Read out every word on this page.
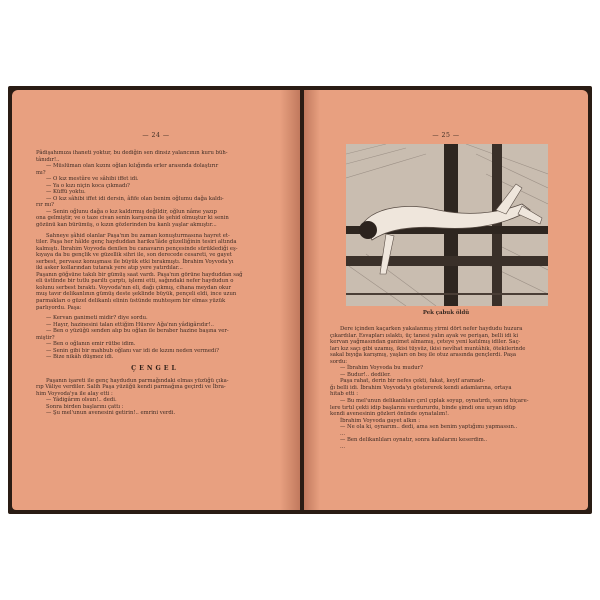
— 24 —

Pâdişahımıza ihaneti yoktur, bu dediğin sen dinsiz yalancının kuru büh-

tânıdır!..

— Müslüman olan kızını oğlan kılığında erler arasında dolaştırır

mı?

— O kız mestûre ve sâhibi iffet idi.

— Ya o kızı niçin koca çıkmadı?

— Küffü yoktu.

— O kız sâhibi iffet idi dersin, âfife olan benim oğlumu dağa kaldı-

rır mı?

— Senin oğlunu dağa o kız kaldırmış değildir, oğlun nâme yazıp

ona gelmiştir, ve o taze civan senin karşısına ile şehid olmuştur ki senin

gözünü kan bürümüş, o kızın gözlerinden bu kanlı yaşlar akmıştır...

Sahneye şâhid olanlar Paşa'nın bu zaman konuşturmasına hayret et-

tiler. Paşa her hâlde genç hayduddan hariku'lâde güzelliğinin tesiri altında

kalmıştı. İbrahim Voyvoda denilen bu canavarın pençesinde sürüklediği eş-

kıyaya da bu gençlik ve güzellik sihri ile, son derecede cesareti, ve gayet

serbest, pervasız konuşması ile büyük etki bırakmıştı. İbrahim Voyvoda'yı

iki asker kollarından tutarak yere atıp yere yatırdılar...

Paşanın göğsüne takılı bir gümüş saat vardı. Paşa'nın görüne hayduddan sağ

eli üstünde bir tutlu parıltı çarptı, işlemi etti, sağındaki nefer haydudun o

kolunu serbest bıraktı. Voyvoda'nın eli, dağı çıkmış, cihana meydan okur

muş tavır delikanlının gümüş deste şeklinde büyük, pençeli eldi, ince uzun

parmakları o güzel delikanlı elinin üstünde muhteşem bir elmas yüzük

parlıyordu. Paşa:

— Kervan ganimeti midir? diye sordu.

— Hayır, hazinesini talan ettiğim Hüsrev Ağa'nın yâdigârıdır!..

— Ben o yüzüğü senden alıp bu oğlan ile beraber hazine başına ver-

miştir?

— Ben o oğlanın emir rütbe idim.

— Senin gibi bir mahbub oğlanı var idi de kızını neden vermedi?

— Bize nikâh düşmez idi.

ÇENGEL

Paşanın işareti ile genç haydudun parmağındaki elmas yüzüğü çıka-

rıp Vâliye verdiler. Salih Paşa yüzüğü kendi parmağına geçirdi ve İbra-

him Voyvoda'ya ile alay etti :

— Yâdigârım olsun!.. dedi.

Sonra birden başlarını çattı :

— Şu mel'unun avenesini getirin!.. emrini verdi.

— 25 —
Pek çabuk öldü

Dere içinden kaçarken yakalanmış yirmi dört nefer haydudu huzura

çıkardılar. Esvapları ıslaktı, üç tanesi yalın ayak ve perişan, belli idi ki

kervan yağmasından ganimet almamış, çeteye yeni katılmış idiler. Saç-

ları kız saçı gibi uzamış, ikisi tüysüz, ikisi nevîhat muntâhik, ötekilerinde

sakal bıyığa karışmış, yaşları on beş ile otuz arasında gençlerdi. Paşa

sordu:

— İbrahim Voyvoda bu mudur?

— Budur!.. dediler.

Paşa rahat, derin bir nefes çekti, fakat, keyif aramadı-

ğı belli idi. İbrahim Voyvoda'yı göstererek kendi adamlarına, ortaya

hitab etti :

— Bu mel'unun delikanlıları çırıl çıplak soyup, oynatırdı, sonra biçare-

lere tırtıl çekti idip başlarını vurdururdu, binde şimdi onu uryan idüp

kendi avenesinin gözleri önünde oynatalım!.

İbrahim Voyvoda gayet alkın :

— Ne ola ki, oynarım.. dedi, ama sen benim yaptığımı yapmassın..

...

— Ben delikanlıları oynatır, sonra kafalarını keserdim..

...
